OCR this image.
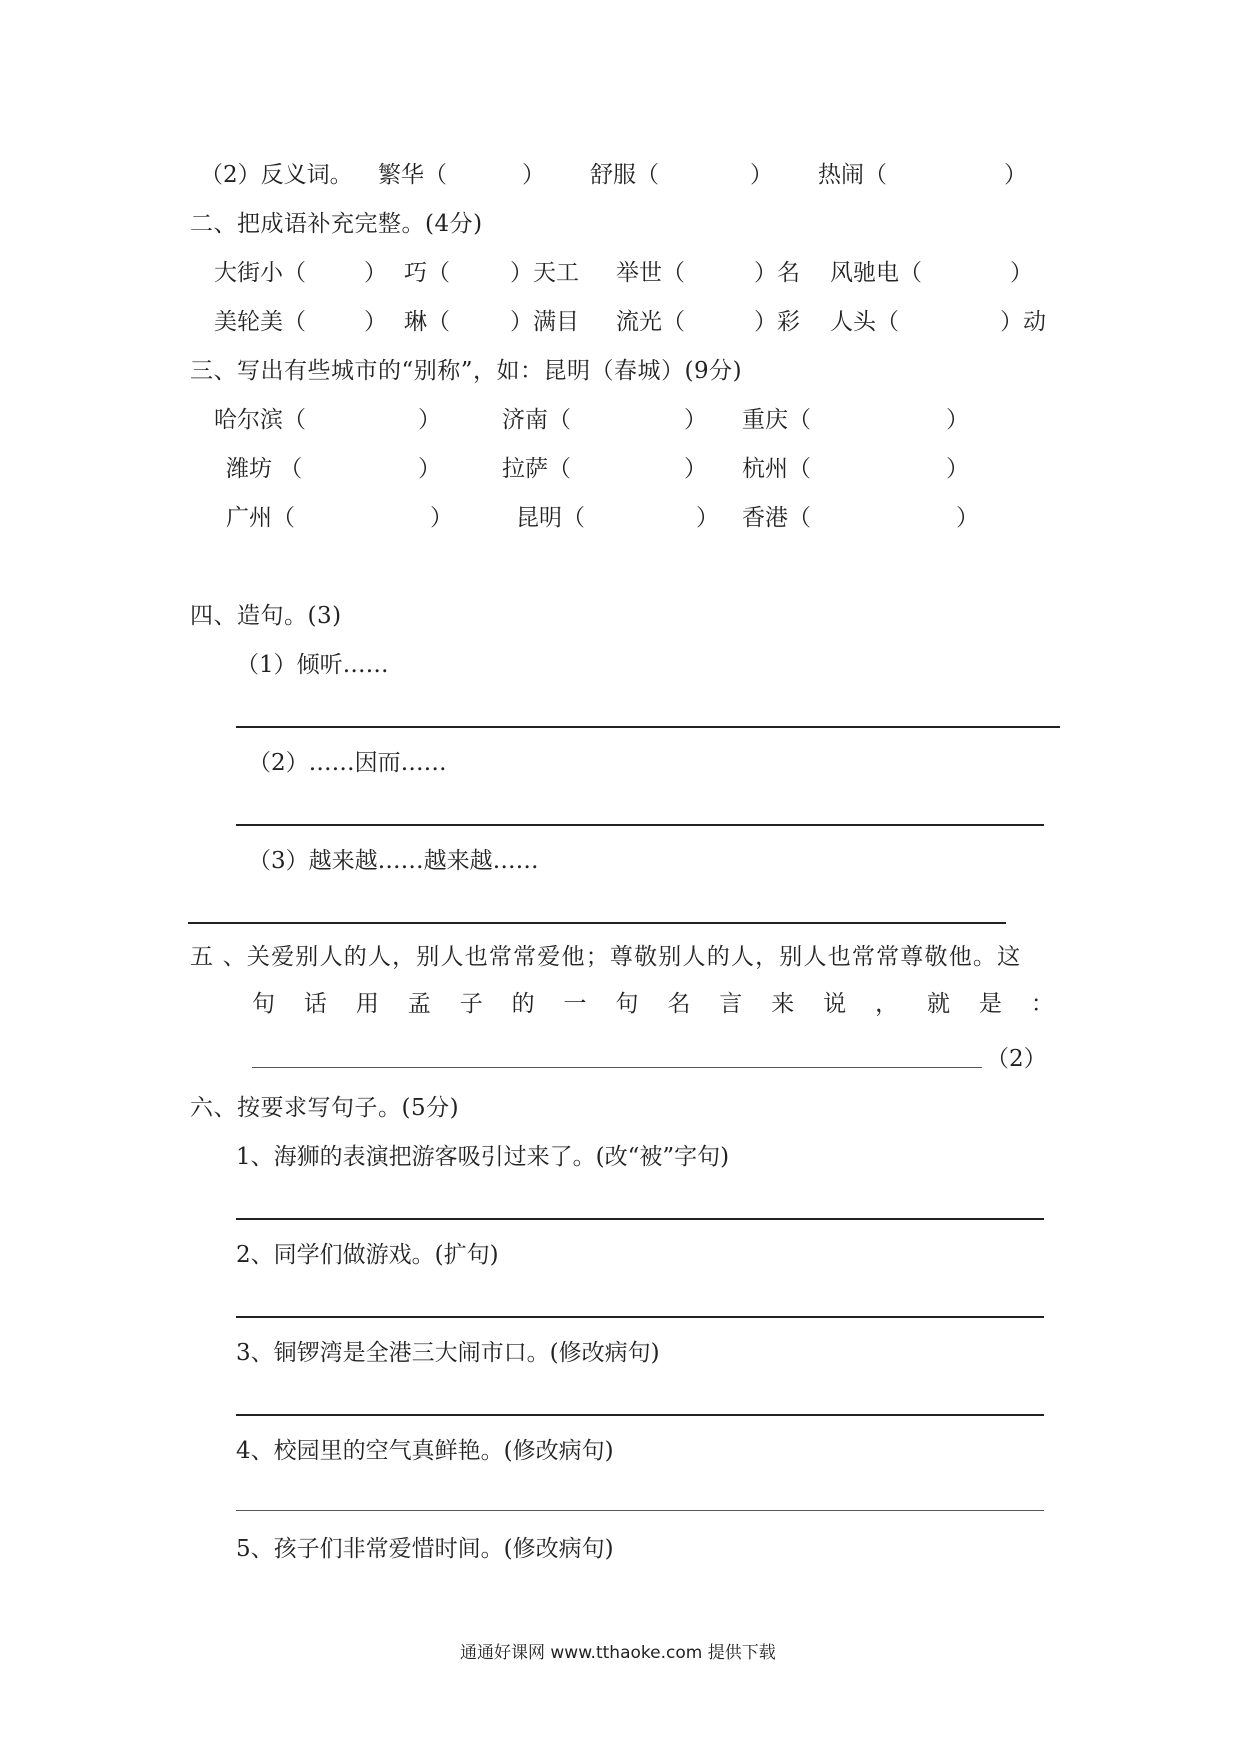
（2）反义词。 繁华（	） 舒服（	） 热闹（	）
二、把成语补充完整。(4分)
大街小（	） 巧（	）天工 举世（	）名 风驰电（	）
美轮美（	） 琳（	）满目 流光（	）彩 人头（	）动
三、写出有些城市的“别称”，如：昆明（春城）(9分)
哈尔滨（	）	济南（	） 重庆（	）
潍坊 （	）	拉萨（	） 杭州（	）
广州（	）	昆明（	） 香港（	）
四、造句。(3)
（1）倾听……
（2）……因而……
（3）越来越……越来越……
五 、关爱别人的人，别人也常常爱他；尊敬别人的人，别人也常常尊敬他。这
句 话 用 孟 子 的 一 句 名 言 来 说 ， 就 是 ：
（2）
六、按要求写句子。(5分)
1、海狮的表演把游客吸引过来了。(改“被”字句)
2、同学们做游戏。(扩句)
3、铜锣湾是全港三大闹市口。(修改病句)
4、校园里的空气真鲜艳。(修改病句)
5、孩子们非常爱惜时间。(修改病句)
通通好课网 www.tthaoke.com 提供下载
